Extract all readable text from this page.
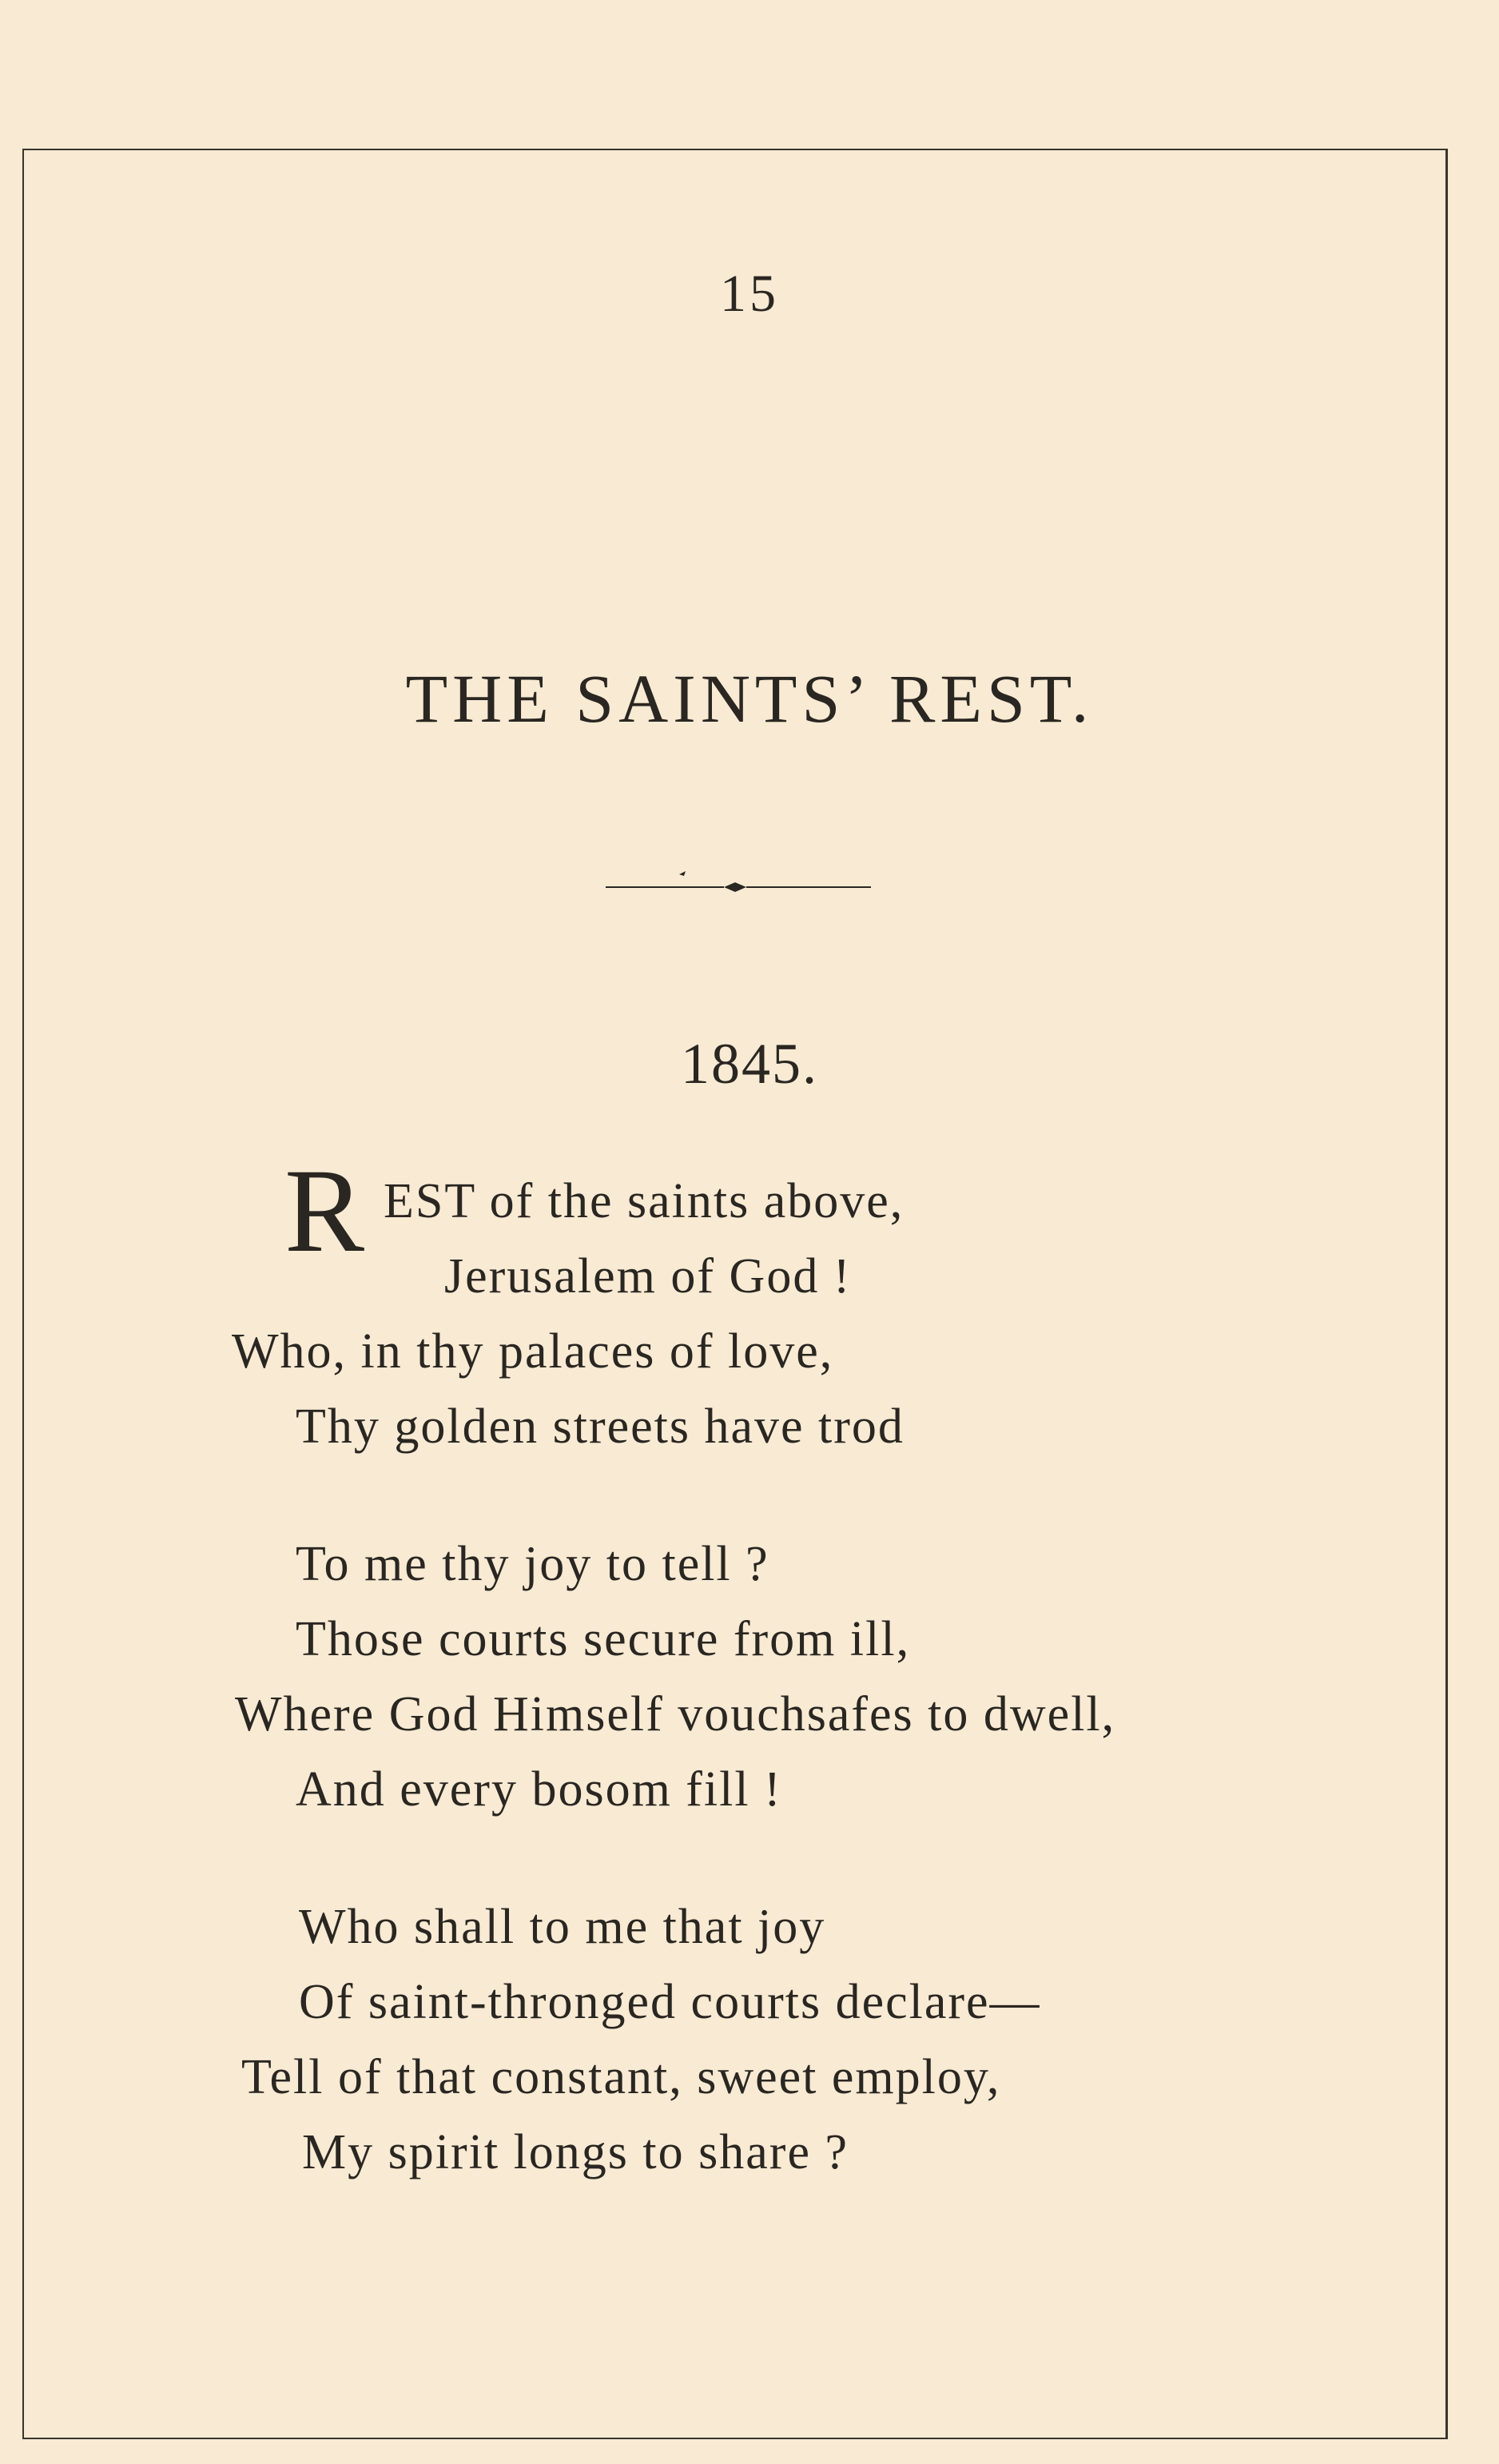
15
THE SAINTS’ REST.
1845.
R EST of the saints above,
Jerusalem of God !
Who, in thy palaces of love,
Thy golden streets have trod
To me thy joy to tell ?
Those courts secure from ill,
Where God Himself vouchsafes to dwell,
And every bosom fill !
Who shall to me that joy
Of saint-thronged courts declare—
Tell of that constant, sweet employ,
My spirit longs to share ?
